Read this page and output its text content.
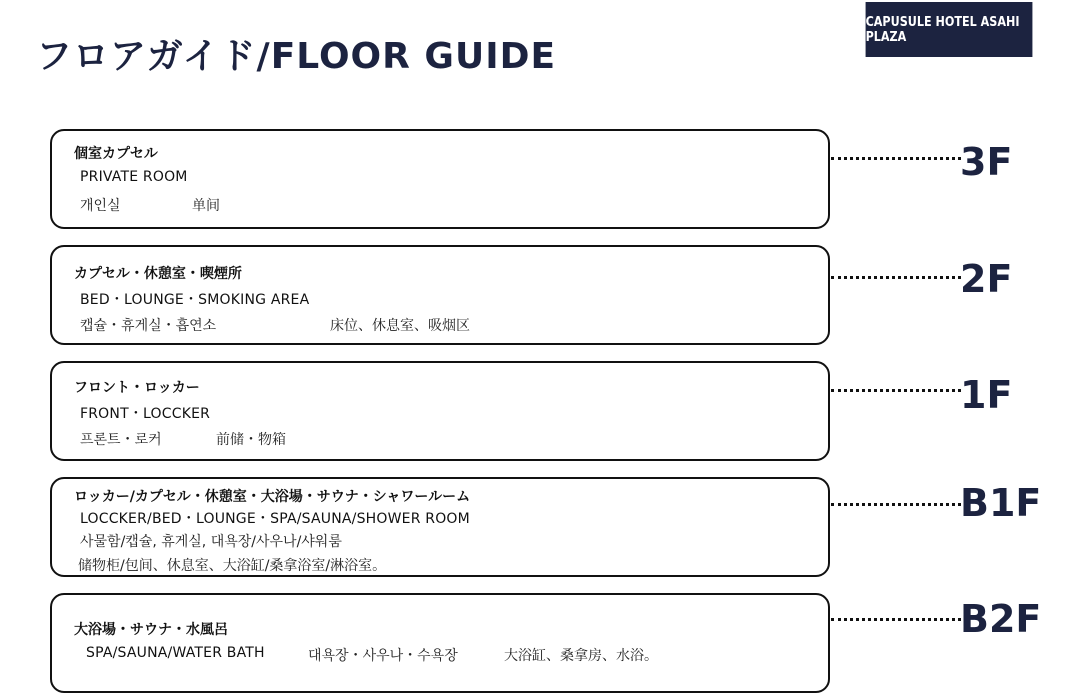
フロアガイド/FLOOR GUIDE
CAPUSULE HOTEL ASAHI PLAZA
個室カプセル
PRIVATE ROOM
개인실	单间
3F
カプセル・休憩室・喫煙所
BED・LOUNGE・SMOKING AREA
캡슐・휴게실・흡연소	床位、休息室、吸烟区
2F
フロント・ロッカー
FRONT・LOCCKER
프론트・로커	前储・物箱
1F
ロッカー/カプセル・休憩室・大浴場・サウナ・シャワールーム
LOCCKER/BED・LOUNGE・SPA/SAUNA/SHOWER ROOM
사물함/캡슐, 휴게실, 대욕장/사우나/샤워룸
储物柜/包间、休息室、大浴缸/桑拿浴室/淋浴室。
B1F
大浴場・サウナ・水風呂
SPA/SAUNA/WATER BATH	대욕장・사우나・수욕장	大浴缸、桑拿房、水浴。
B2F
